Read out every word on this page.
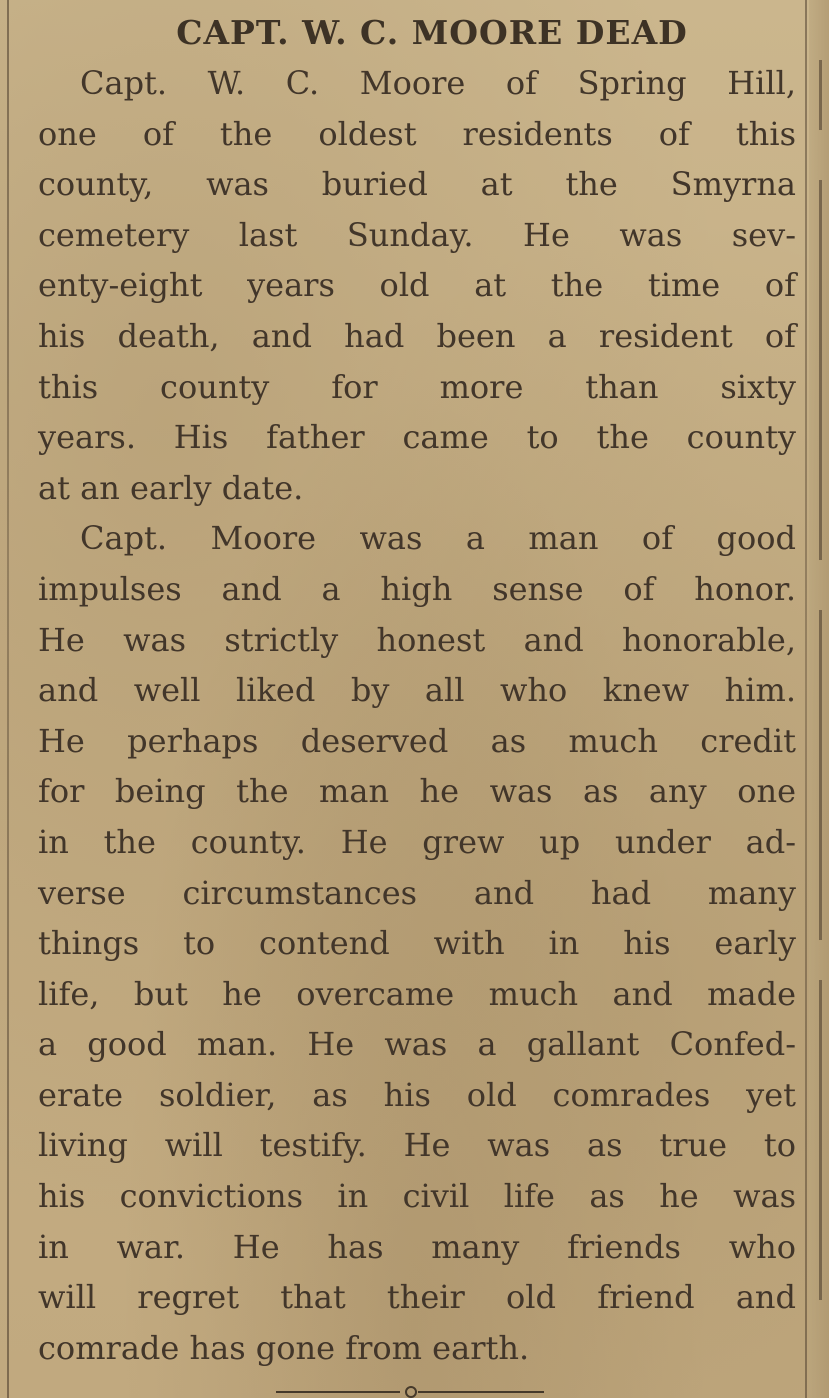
CAPT. W. C. MOORE DEAD
Capt. W. C. Moore of Spring Hill,
one of the oldest residents of this
county, was buried at the Smyrna
cemetery last Sunday. He was sev-
enty-eight years old at the time of
his death, and had been a resident of
this county for more than sixty
years. His father came to the county
at an early date.
Capt. Moore was a man of good
impulses and a high sense of honor.
He was strictly honest and honorable,
and well liked by all who knew him.
He perhaps deserved as much credit
for being the man he was as any one
in the county. He grew up under ad-
verse circumstances and had many
things to contend with in his early
life, but he overcame much and made
a good man. He was a gallant Confed-
erate soldier, as his old comrades yet
living will testify. He was as true to
his convictions in civil life as he was
in war. He has many friends who
will regret that their old friend and
comrade has gone from earth.
